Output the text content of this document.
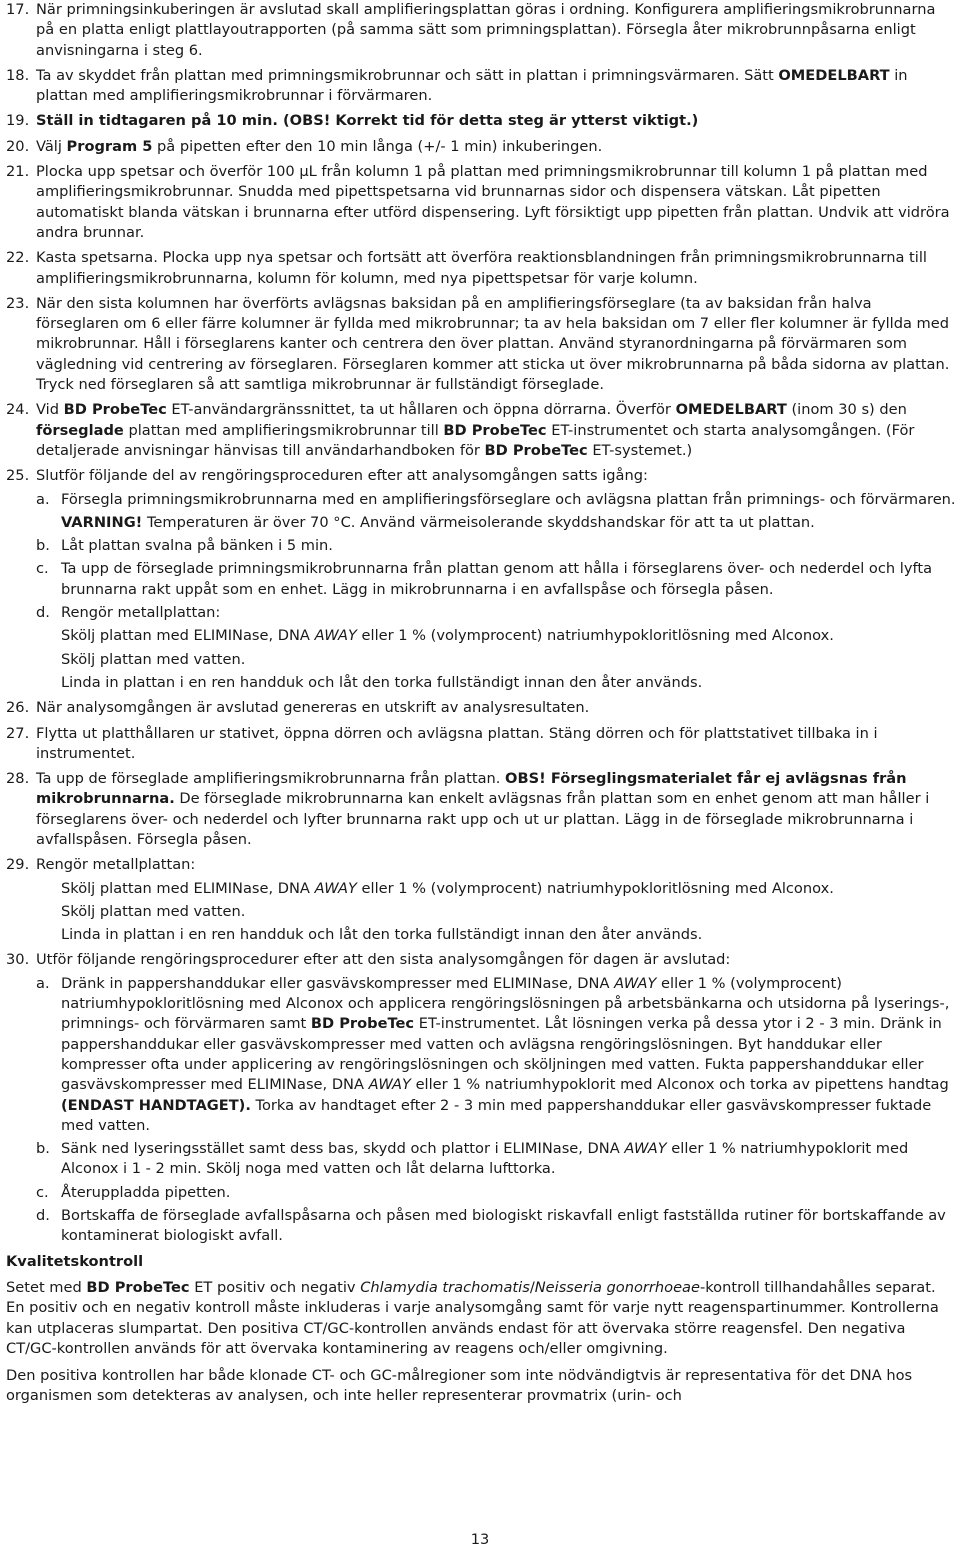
17. När primningsinkuberingen är avslutad skall amplifieringsplattan göras i ordning. Konfigurera amplifieringsmikrobrunnarna på en platta enligt plattlayoutrapporten (på samma sätt som primningsplattan). Försegla åter mikrobrunnpåsarna enligt anvisningarna i steg 6.

18. Ta av skyddet från plattan med primningsmikrobrunnar och sätt in plattan i primningsvärmaren. Sätt OMEDELBART in plattan med amplifieringsmikrobrunnar i förvärmaren.

19. Ställ in tidtagaren på 10 min. (OBS! Korrekt tid för detta steg är ytterst viktigt.)

20. Välj Program 5 på pipetten efter den 10 min långa (+/- 1 min) inkuberingen.

21. Plocka upp spetsar och överför 100 µL från kolumn 1 på plattan med primningsmikrobrunnar till kolumn 1 på plattan med amplifieringsmikrobrunnar. Snudda med pipettspetsarna vid brunnarnas sidor och dispensera vätskan. Låt pipetten automatiskt blanda vätskan i brunnarna efter utförd dispensering. Lyft försiktigt upp pipetten från plattan. Undvik att vidröra andra brunnar.

22. Kasta spetsarna. Plocka upp nya spetsar och fortsätt att överföra reaktionsblandningen från primningsmikrobrunnarna till amplifieringsmikrobrunnarna, kolumn för kolumn, med nya pipettspetsar för varje kolumn.

23. När den sista kolumnen har överförts avlägsnas baksidan på en amplifieringsförseglare (ta av baksidan från halva förseglaren om 6 eller färre kolumner är fyllda med mikrobrunnar; ta av hela baksidan om 7 eller fler kolumner är fyllda med mikrobrunnar. Håll i förseglarens kanter och centrera den över plattan. Använd styranordningarna på förvärmaren som vägledning vid centrering av förseglaren. Förseglaren kommer att sticka ut över mikrobrunnarna på båda sidorna av plattan. Tryck ned förseglaren så att samtliga mikrobrunnar är fullständigt förseglade.

24. Vid BD ProbeTec ET-användargränssnittet, ta ut hållaren och öppna dörrarna. Överför OMEDELBART (inom 30 s) den förseglade plattan med amplifieringsmikrobrunnar till BD ProbeTec ET-instrumentet och starta analysomgången. (För detaljerade anvisningar hänvisas till användarhandboken för BD ProbeTec ET-systemet.)

25. Slutför följande del av rengöringsproceduren efter att analysomgången satts igång:

a. Försegla primningsmikrobrunnarna med en amplifieringsförseglare och avlägsna plattan från primnings- och förvärmaren.

VARNING! Temperaturen är över 70 °C. Använd värmeisolerande skyddshandskar för att ta ut plattan.

b. Låt plattan svalna på bänken i 5 min.

c. Ta upp de förseglade primningsmikrobrunnarna från plattan genom att hålla i förseglarens över- och nederdel och lyfta brunnarna rakt uppåt som en enhet. Lägg in mikrobrunnarna i en avfallspåse och försegla påsen.

d. Rengör metallplattan:

Skölj plattan med ELIMINase, DNA AWAY eller 1 % (volymprocent) natriumhypokloritlösning med Alconox.

Skölj plattan med vatten.

Linda in plattan i en ren handduk och låt den torka fullständigt innan den åter används.

26. När analysomgången är avslutad genereras en utskrift av analysresultaten.

27. Flytta ut platthållaren ur stativet, öppna dörren och avlägsna plattan. Stäng dörren och för plattstativet tillbaka in i instrumentet.

28. Ta upp de förseglade amplifieringsmikrobrunnarna från plattan. OBS! Förseglingsmaterialet får ej avlägsnas från mikrobrunnarna. De förseglade mikrobrunnarna kan enkelt avlägsnas från plattan som en enhet genom att man håller i förseglarens över- och nederdel och lyfter brunnarna rakt upp och ut ur plattan. Lägg in de förseglade mikrobrunnarna i avfallspåsen. Försegla påsen.

29. Rengör metallplattan:

Skölj plattan med ELIMINase, DNA AWAY eller 1 % (volymprocent) natriumhypokloritlösning med Alconox.

Skölj plattan med vatten.

Linda in plattan i en ren handduk och låt den torka fullständigt innan den åter används.

30. Utför följande rengöringsprocedurer efter att den sista analysomgången för dagen är avslutad:

a. Dränk in pappershanddukar eller gasvävskompresser med ELIMINase, DNA AWAY eller 1 % (volymprocent) natriumhypokloritlösning med Alconox och applicera rengöringslösningen på arbetsbänkarna och utsidorna på lyserings-, primnings- och förvärmaren samt BD ProbeTec ET-instrumentet. Låt lösningen verka på dessa ytor i 2 - 3 min. Dränk in pappershanddukar eller gasvävskompresser med vatten och avlägsna rengöringslösningen. Byt handdukar eller kompresser ofta under applicering av rengöringslösningen och sköljningen med vatten. Fukta pappershanddukar eller gasvävskompresser med ELIMINase, DNA AWAY eller 1 % natriumhypoklorit med Alconox och torka av pipettens handtag (ENDAST HANDTAGET). Torka av handtaget efter 2 - 3 min med pappershanddukar eller gasvävskompresser fuktade med vatten.

b. Sänk ned lyseringsstället samt dess bas, skydd och plattor i ELIMINase, DNA AWAY eller 1 % natriumhypoklorit med Alconox i 1 - 2 min. Skölj noga med vatten och låt delarna lufttorka.

c. Återuppladda pipetten.

d. Bortskaffa de förseglade avfallspåsarna och påsen med biologiskt riskavfall enligt fastställda rutiner för bortskaffande av kontaminerat biologiskt avfall.

Kvalitetskontroll

Setet med BD ProbeTec ET positiv och negativ Chlamydia trachomatis/Neisseria gonorrhoeae-kontroll tillhandahålles separat. En positiv och en negativ kontroll måste inkluderas i varje analysomgång samt för varje nytt reagenspartinummer. Kontrollerna kan utplaceras slumpartat. Den positiva CT/GC-kontrollen används endast för att övervaka större reagensfel. Den negativa CT/GC-kontrollen används för att övervaka kontaminering av reagens och/eller omgivning.

Den positiva kontrollen har både klonade CT- och GC-målregioner som inte nödvändigtvis är representativa för det DNA hos organismen som detekteras av analysen, och inte heller representerar provmatrix (urin- och

13
